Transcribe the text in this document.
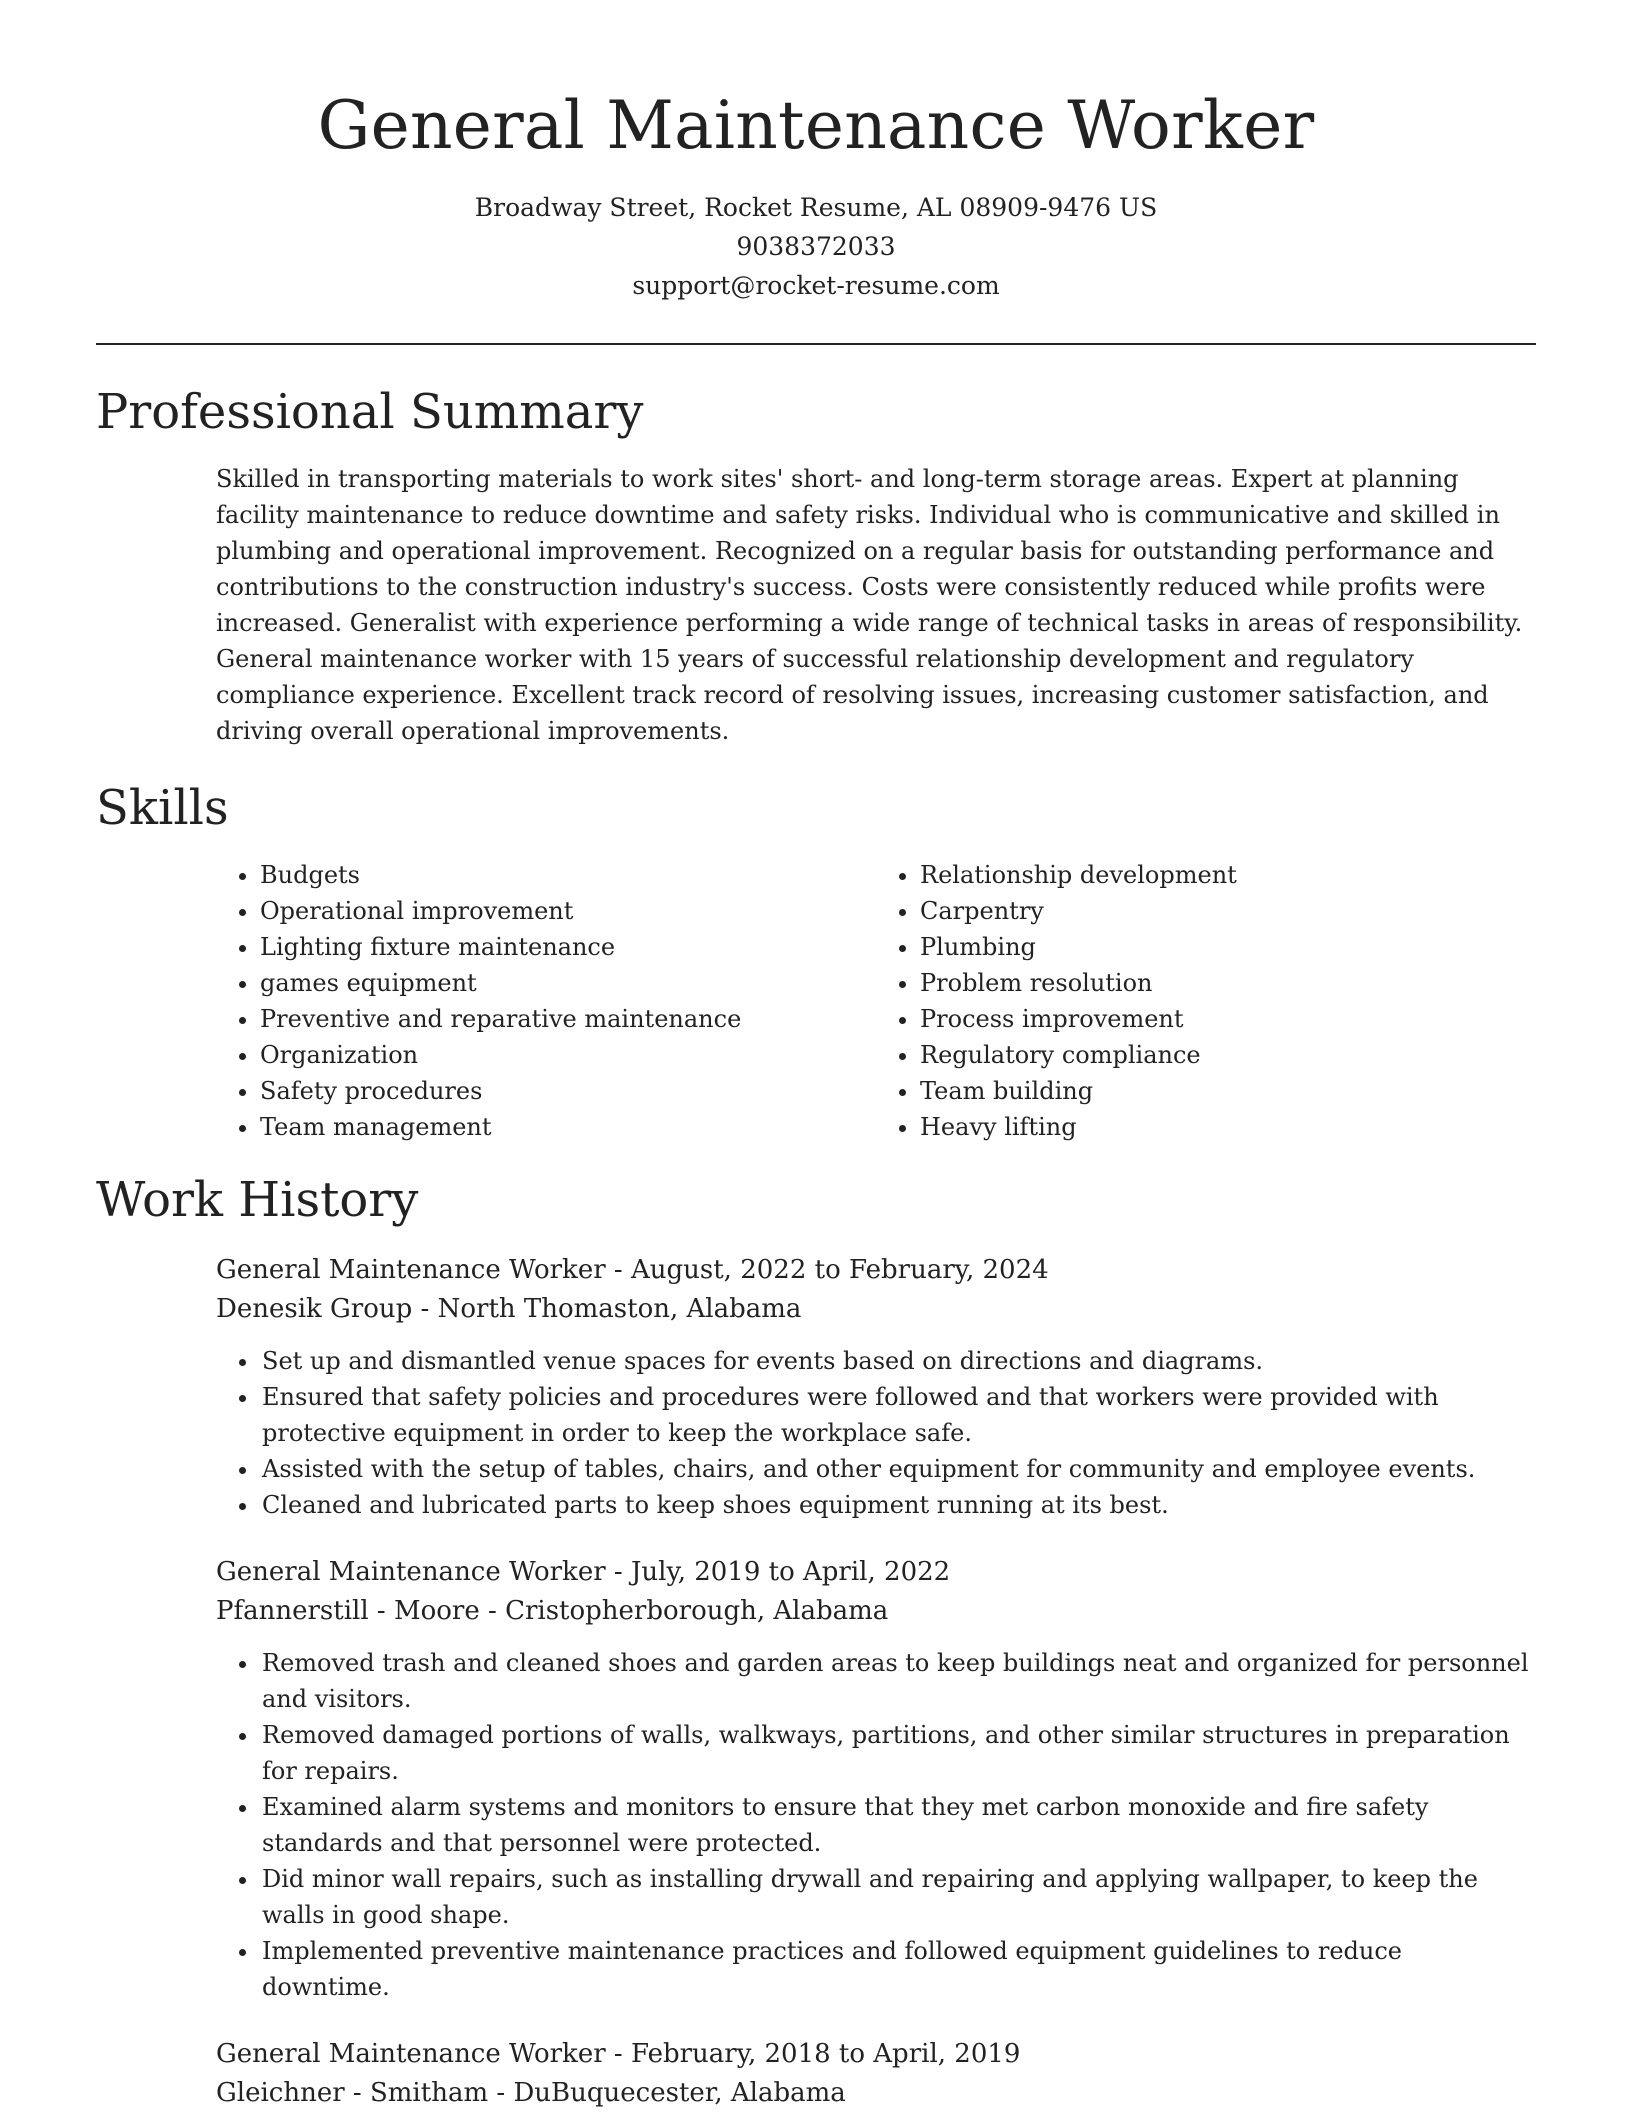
General Maintenance Worker
Broadway Street, Rocket Resume, AL 08909-9476 US
9038372033
support@rocket-resume.com
Professional Summary

Skilled in transporting materials to work sites' short- and long-term storage areas. Expert at planning facility maintenance to reduce downtime and safety risks. Individual who is communicative and skilled in plumbing and operational improvement. Recognized on a regular basis for outstanding performance and contributions to the construction industry's success. Costs were consistently reduced while profits were increased. Generalist with experience performing a wide range of technical tasks in areas of responsibility. General maintenance worker with 15 years of successful relationship development and regulatory compliance experience. Excellent track record of resolving issues, increasing customer satisfaction, and driving overall operational improvements.

Skills
• Budgets
• Operational improvement
• Lighting fixture maintenance
• games equipment
• Preventive and reparative maintenance
• Organization
• Safety procedures
• Team management
• Relationship development
• Carpentry
• Plumbing
• Problem resolution
• Process improvement
• Regulatory compliance
• Team building
• Heavy lifting
Work History
General Maintenance Worker - August, 2022 to February, 2024
Denesik Group - North Thomaston, Alabama
• Set up and dismantled venue spaces for events based on directions and diagrams.
• Ensured that safety policies and procedures were followed and that workers were provided with protective equipment in order to keep the workplace safe.
• Assisted with the setup of tables, chairs, and other equipment for community and employee events.
• Cleaned and lubricated parts to keep shoes equipment running at its best.
General Maintenance Worker - July, 2019 to April, 2022
Pfannerstill - Moore - Cristopherborough, Alabama
• Removed trash and cleaned shoes and garden areas to keep buildings neat and organized for personnel and visitors.
• Removed damaged portions of walls, walkways, partitions, and other similar structures in preparation for repairs.
• Examined alarm systems and monitors to ensure that they met carbon monoxide and fire safety standards and that personnel were protected.
• Did minor wall repairs, such as installing drywall and repairing and applying wallpaper, to keep the walls in good shape.
• Implemented preventive maintenance practices and followed equipment guidelines to reduce downtime.
General Maintenance Worker - February, 2018 to April, 2019
Gleichner - Smitham - DuBuquecester, Alabama
